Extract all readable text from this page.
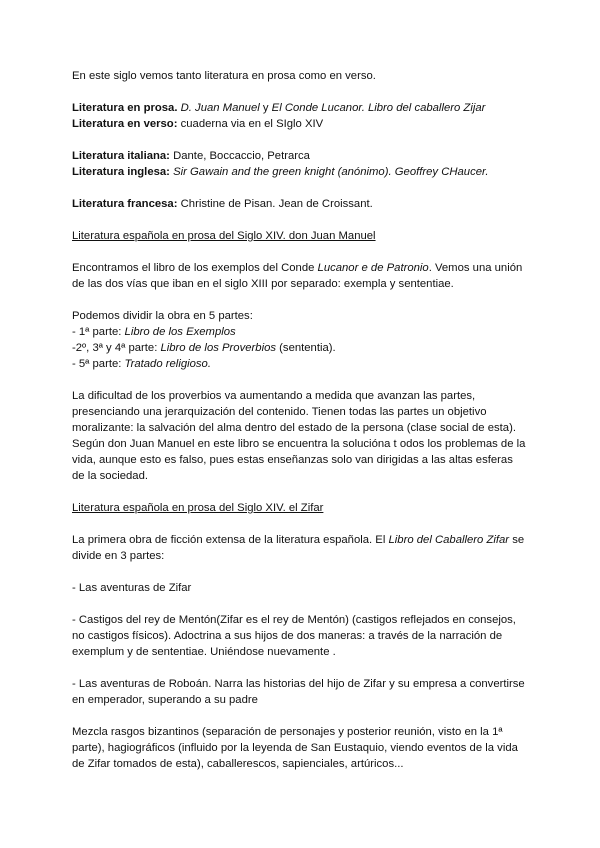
En este siglo vemos tanto literatura en prosa como en verso.

Literatura en prosa. D. Juan Manuel y El Conde Lucanor. Libro del caballero Zijar

Literatura en verso: cuaderna via en el SIglo XIV

Literatura italiana: Dante, Boccaccio, Petrarca

Literatura inglesa: Sir Gawain and the green knight (anónimo). Geoffrey CHaucer.

Literatura francesa: Christine de Pisan. Jean de Croissant.

Literatura española en prosa del Siglo XIV. don Juan Manuel

Encontramos el libro de los exemplos del Conde Lucanor e de Patronio. Vemos una unión de las dos vías que iban en el siglo XIII por separado: exempla y sententiae.

Podemos dividir la obra en 5 partes:

- 1ª parte: Libro de los Exemplos

-2º, 3ª y 4ª parte: Libro de los Proverbios (sententia).

- 5ª parte: Tratado religioso.

La dificultad de los proverbios va aumentando a medida que avanzan las partes, presenciando una jerarquización del contenido. Tienen todas las partes un objetivo moralizante: la salvación del alma dentro del estado de la persona (clase social de esta). Según don Juan Manuel en este libro se encuentra la solucióna t odos los problemas de la vida, aunque esto es falso, pues estas enseñanzas solo van dirigidas a las altas esferas de la sociedad.

Literatura española en prosa del Siglo XIV. el Zifar

La primera obra de ficción extensa de la literatura española. El Libro del Caballero Zifar se divide en 3 partes:

- Las aventuras de Zifar

- Castigos del rey de Mentón(Zifar es el rey de Mentón) (castigos reflejados en consejos, no castigos físicos). Adoctrina a sus hijos de dos maneras: a través de la narración de exemplum y de sententiae. Uniéndose nuevamente .

- Las aventuras de Roboán. Narra las historias del hijo de Zifar y su empresa a convertirse en emperador, superando a su padre

Mezcla rasgos bizantinos (separación de personajes y posterior reunión, visto en la 1ª parte), hagiográficos (influido por la leyenda de San Eustaquio, viendo eventos de la vida de Zifar tomados de esta), caballerescos, sapienciales, artúricos...
